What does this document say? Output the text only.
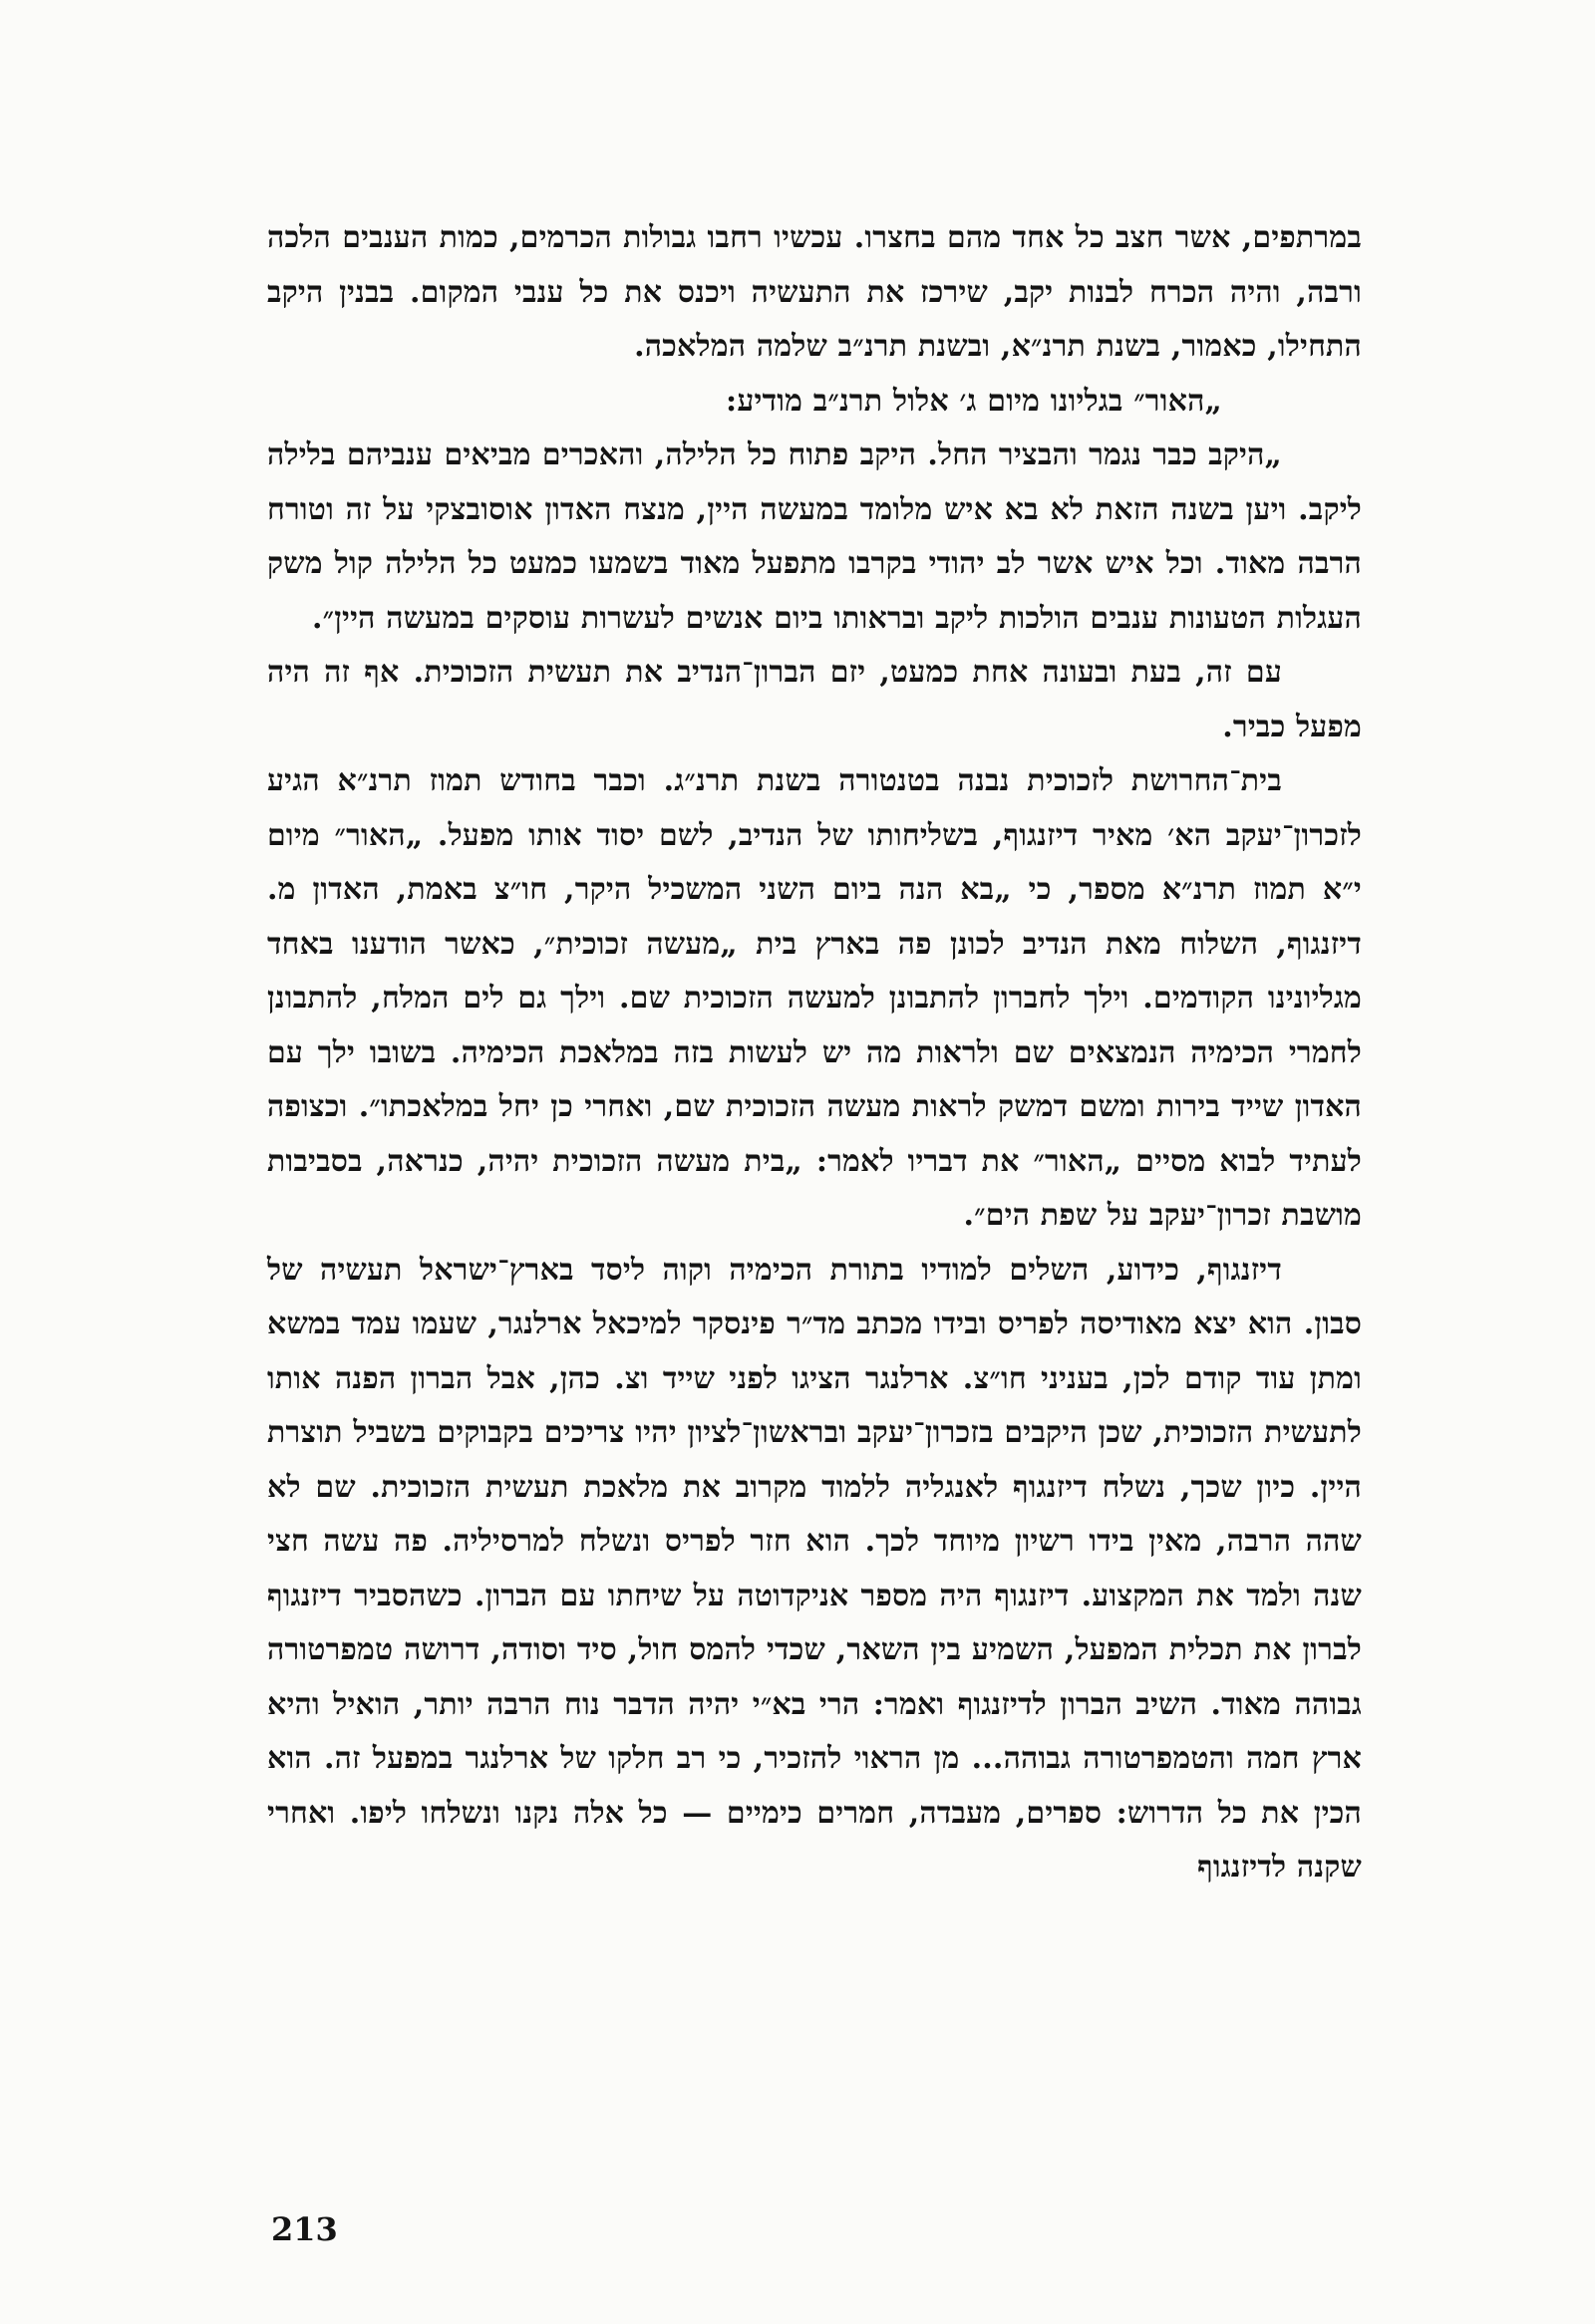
במרתפים, אשר חצב כל אחד מהם בחצרו. עכשיו רחבו גבולות הכרמים, כמות הענבים הלכה ורבה, והיה הכרח לבנות יקב, שירכז את התעשיה ויכנס את כל ענבי המקום. בבנין היקב התחילו, כאמור, בשנת תרנ״א, ובשנת תרנ״ב שלמה המלאכה.

„האור״ בגליונו מיום ג׳ אלול תרנ״ב מודיע:

„היקב כבר נגמר והבציר החל. היקב פתוח כל הלילה, והאכרים מביאים ענביהם בלילה ליקב. ויען בשנה הזאת לא בא איש מלומד במעשה היין, מנצח האדון אוסובצקי על זה וטורח הרבה מאוד. וכל איש אשר לב יהודי בקרבו מתפעל מאוד בשמעו כמעט כל הלילה קול משק העגלות הטעונות ענבים הולכות ליקב ובראותו ביום אנשים לעשרות עוסקים במעשה היין״.

עם זה, בעת ובעונה אחת כמעט, יזם הברון־הנדיב את תעשית הזכוכית. אף זה היה מפעל כביר.

בית־החרושת לזכוכית נבנה בטנטורה בשנת תרנ״ג. וכבר בחודש תמוז תרנ״א הגיע לזכרון־יעקב הא׳ מאיר דיזנגוף, בשליחותו של הנדיב, לשם יסוד אותו מפעל. „האור״ מיום י״א תמוז תרנ״א מספר, כי „בא הנה ביום השני המשכיל היקר, חו״צ באמת, האדון מ. דיזנגוף, השלוח מאת הנדיב לכונן פה בארץ בית „מעשה זכוכית״, כאשר הודענו באחד מגליונינו הקודמים. וילך לחברון להתבונן למעשה הזכוכית שם. וילך גם לים המלח, להתבונן לחמרי הכימיה הנמצאים שם ולראות מה יש לעשות בזה במלאכת הכימיה. בשובו ילך עם האדון שייד בירות ומשם דמשק לראות מעשה הזכוכית שם, ואחרי כן יחל במלאכתו״. וכצופה לעתיד לבוא מסיים „האור״ את דבריו לאמר: „בית מעשה הזכוכית יהיה, כנראה, בסביבות מושבת זכרון־יעקב על שפת הים״.

דיזנגוף, כידוע, השלים למודיו בתורת הכימיה וקוה ליסד בארץ־ישראל תעשיה של סבון. הוא יצא מאודיסה לפריס ובידו מכתב מד״ר פינסקר למיכאל ארלנגר, שעמו עמד במשא ומתן עוד קודם לכן, בעניני חו״צ. ארלנגר הציגו לפני שייד וצ. כהן, אבל הברון הפנה אותו לתעשית הזכוכית, שכן היקבים בזכרון־יעקב ובראשון־לציון יהיו צריכים בקבוקים בשביל תוצרת היין. כיון שכך, נשלח דיזנגוף לאנגליה ללמוד מקרוב את מלאכת תעשית הזכוכית. שם לא שהה הרבה, מאין בידו רשיון מיוחד לכך. הוא חזר לפריס ונשלח למרסיליה. פה עשה חצי שנה ולמד את המקצוע. דיזנגוף היה מספר אניקדוטה על שיחתו עם הברון. כשהסביר דיזנגוף לברון את תכלית המפעל, השמיע בין השאר, שכדי להמס חול, סיד וסודה, דרושה טמפרטורה גבוהה מאוד. השיב הברון לדיזנגוף ואמר: הרי בא״י יהיה הדבר נוח הרבה יותר, הואיל והיא ארץ חמה והטמפרטורה גבוהה... מן הראוי להזכיר, כי רב חלקו של ארלנגר במפעל זה. הוא הכין את כל הדרוש: ספרים, מעבדה, חמרים כימיים — כל אלה נקנו ונשלחו ליפו. ואחרי שקנה לדיזנגוף

213
